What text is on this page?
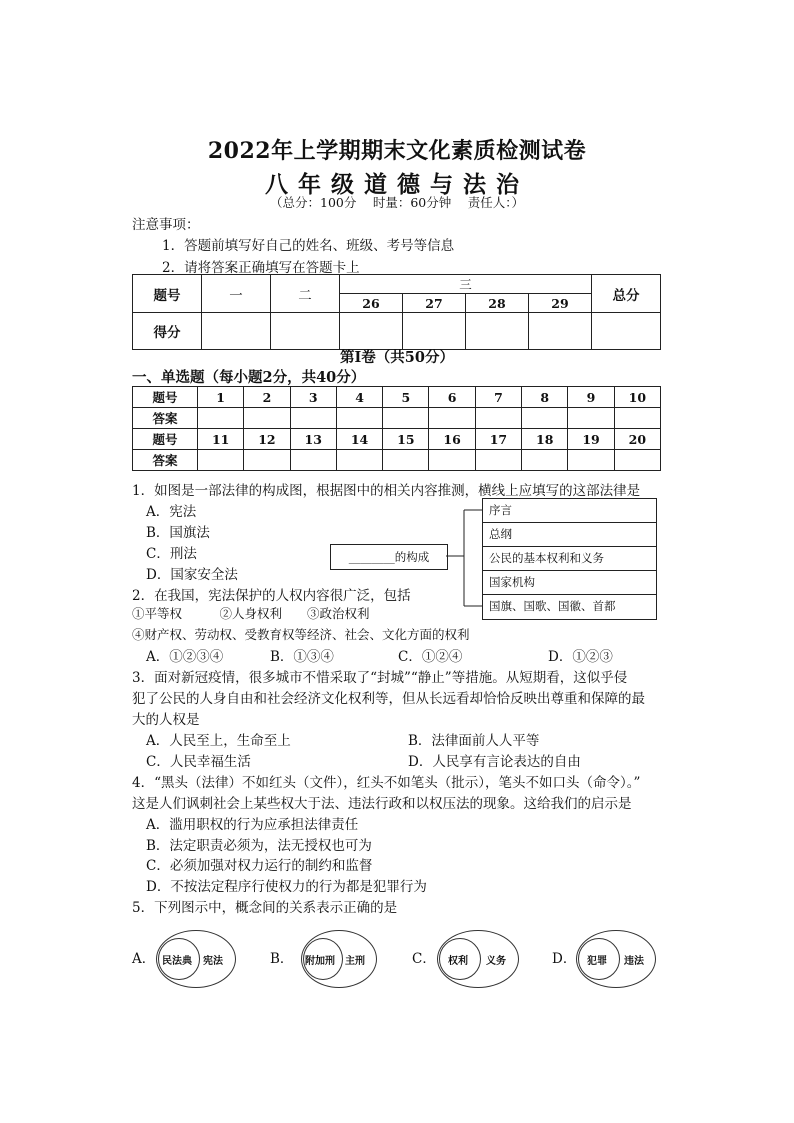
2022年上学期期末文化素质检测试卷
八年级道德与法治
（总分：100分　 时量：60分钟　 责任人：）
注意事项：
1．答题前填写好自己的姓名、班级、考号等信息
2．请将答案正确填写在答题卡上
题号	一	二	三				总分
			26	27	28	29	
得分							
第Ⅰ卷（共50分）
一、单选题（每小题2分，共40分）
题号	1	2	3	4	5	6	7	8	9	10
答案										
题号	11	12	13	14	15	16	17	18	19	20
答案										
1．如图是一部法律的构成图，根据图中的相关内容推测，横线上应填写的这部法律是
A．宪法
B．国旗法
C．刑法
D．国家安全法
________的构成
序言
总纲
公民的基本权利和义务
国家机构
国旗、国歌、国徽、首都
2．在我国，宪法保护的人权内容很广泛，包括
①平等权　　　②人身权利　　③政治权利
④财产权、劳动权、受教育权等经济、社会、文化方面的权利
A．①②③④	B．①③④	C．①②④	D．①②③
3．面对新冠疫情，很多城市不惜采取了“封城”“静止”等措施。从短期看，这似乎侵
犯了公民的人身自由和社会经济文化权利等，但从长远看却恰恰反映出尊重和保障的最
大的人权是
A．人民至上，生命至上	B．法律面前人人平等
C．人民幸福生活	D．人民享有言论表达的自由
4．“黑头（法律）不如红头（文件），红头不如笔头（批示），笔头不如口头（命令）。”
这是人们讽刺社会上某些权大于法、违法行政和以权压法的现象。这给我们的启示是
A．滥用职权的行为应承担法律责任
B．法定职责必须为，法无授权也可为
C．必须加强对权力运行的制约和监督
D．不按法定程序行使权力的行为都是犯罪行为
5．下列图示中，概念间的关系表示正确的是
A． 民法典 宪法	B． 附加刑 主刑	C． 权利 义务	D． 犯罪 违法
